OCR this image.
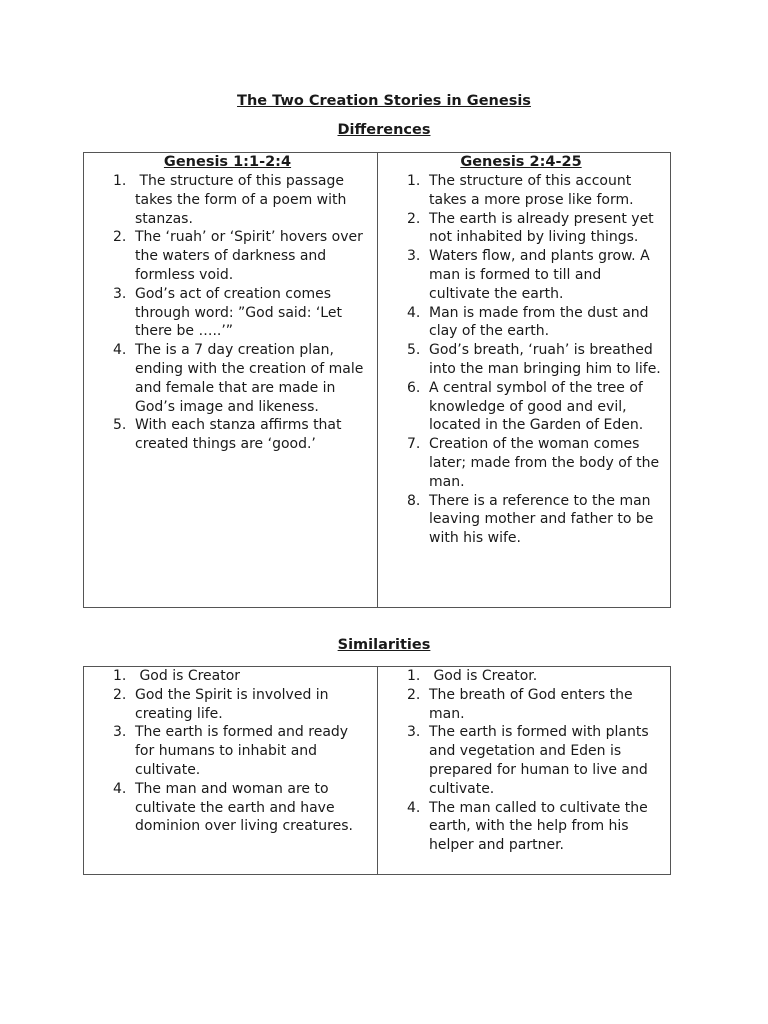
The Two Creation Stories in Genesis
Differences
Genesis 1:1-2:4
1. The structure of this passage takes the form of a poem with stanzas.
2. The ‘ruah’ or ‘Spirit’ hovers over the waters of darkness and formless void.
3. God’s act of creation comes through word: ”God said: ‘Let there be …..’”
4. The is a 7 day creation plan, ending with the creation of male and female that are made in God’s image and likeness.
5. With each stanza affirms that created things are ‘good.’
Genesis 2:4-25
1. The structure of this account takes a more prose like form.
2. The earth is already present yet not inhabited by living things.
3. Waters flow, and plants grow. A man is formed to till and cultivate the earth.
4. Man is made from the dust and clay of the earth.
5. God’s breath, ‘ruah’ is breathed into the man bringing him to life.
6. A central symbol of the tree of knowledge of good and evil, located in the Garden of Eden.
7. Creation of the woman comes later; made from the body of the man.
8. There is a reference to the man leaving mother and father to be with his wife.
Similarities
1. God is Creator
2. God the Spirit is involved in creating life.
3. The earth is formed and ready for humans to inhabit and cultivate.
4. The man and woman are to cultivate the earth and have dominion over living creatures.
1. God is Creator.
2. The breath of God enters the man.
3. The earth is formed with plants and vegetation and Eden is prepared for human to live and cultivate.
4. The man called to cultivate the earth, with the help from his helper and partner.
